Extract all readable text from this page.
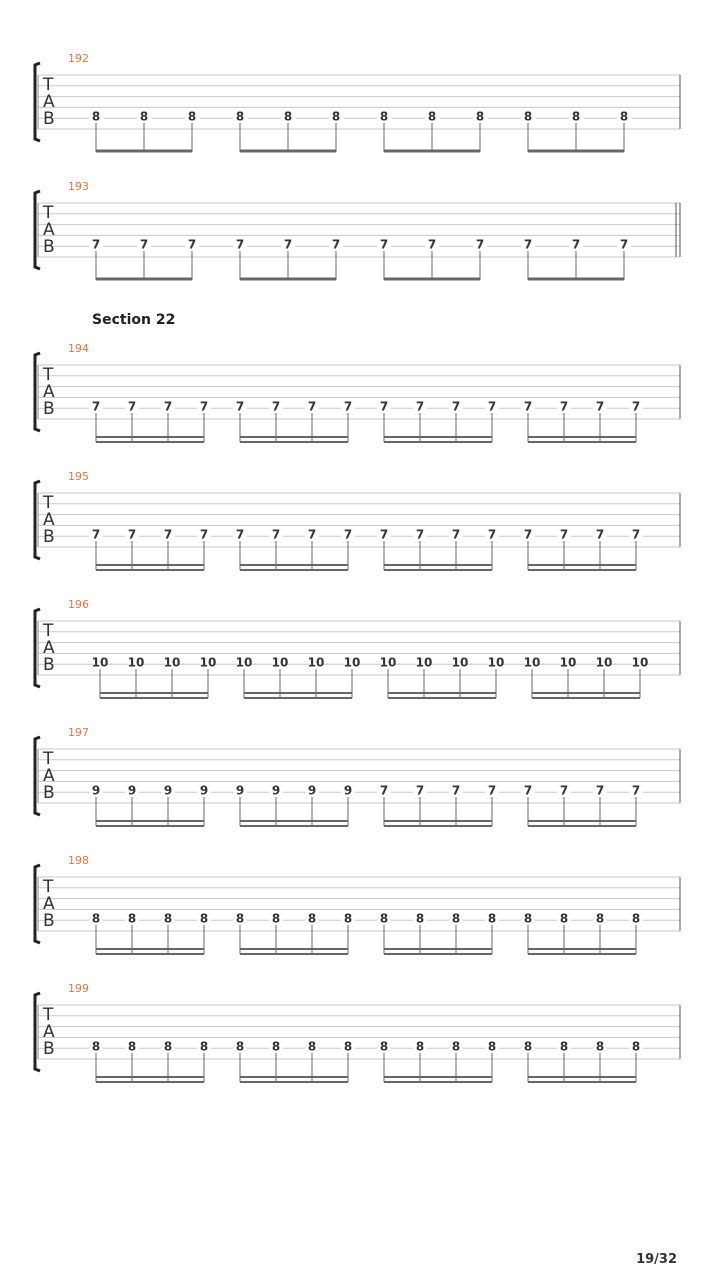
Section 22
19/32
192
T
A
B	8	8	8	8	8	8	8	8	8	8	8	8
193
T
A
B	7	7	7	7	7	7	7	7	7	7	7	7
194
T
A
B	7 7 7 7 7 7 7 7 7 7 7 7 7 7 7 7
195
T
A
B	7 7 7 7 7 7 7 7 7 7 7 7 7 7 7 7
196
T
A
B	10 10 10 10 10 10 10 10 10 10 10 10 10 10 10 10
197
T
A
B	9 9 9 9 9 9 9 9 7 7 7 7 7 7 7 7
198
T
A
B	8 8 8 8 8 8 8 8 8 8 8 8 8 8 8 8
199
T
A
B	8 8 8 8 8 8 8 8 8 8 8 8 8 8 8 8
